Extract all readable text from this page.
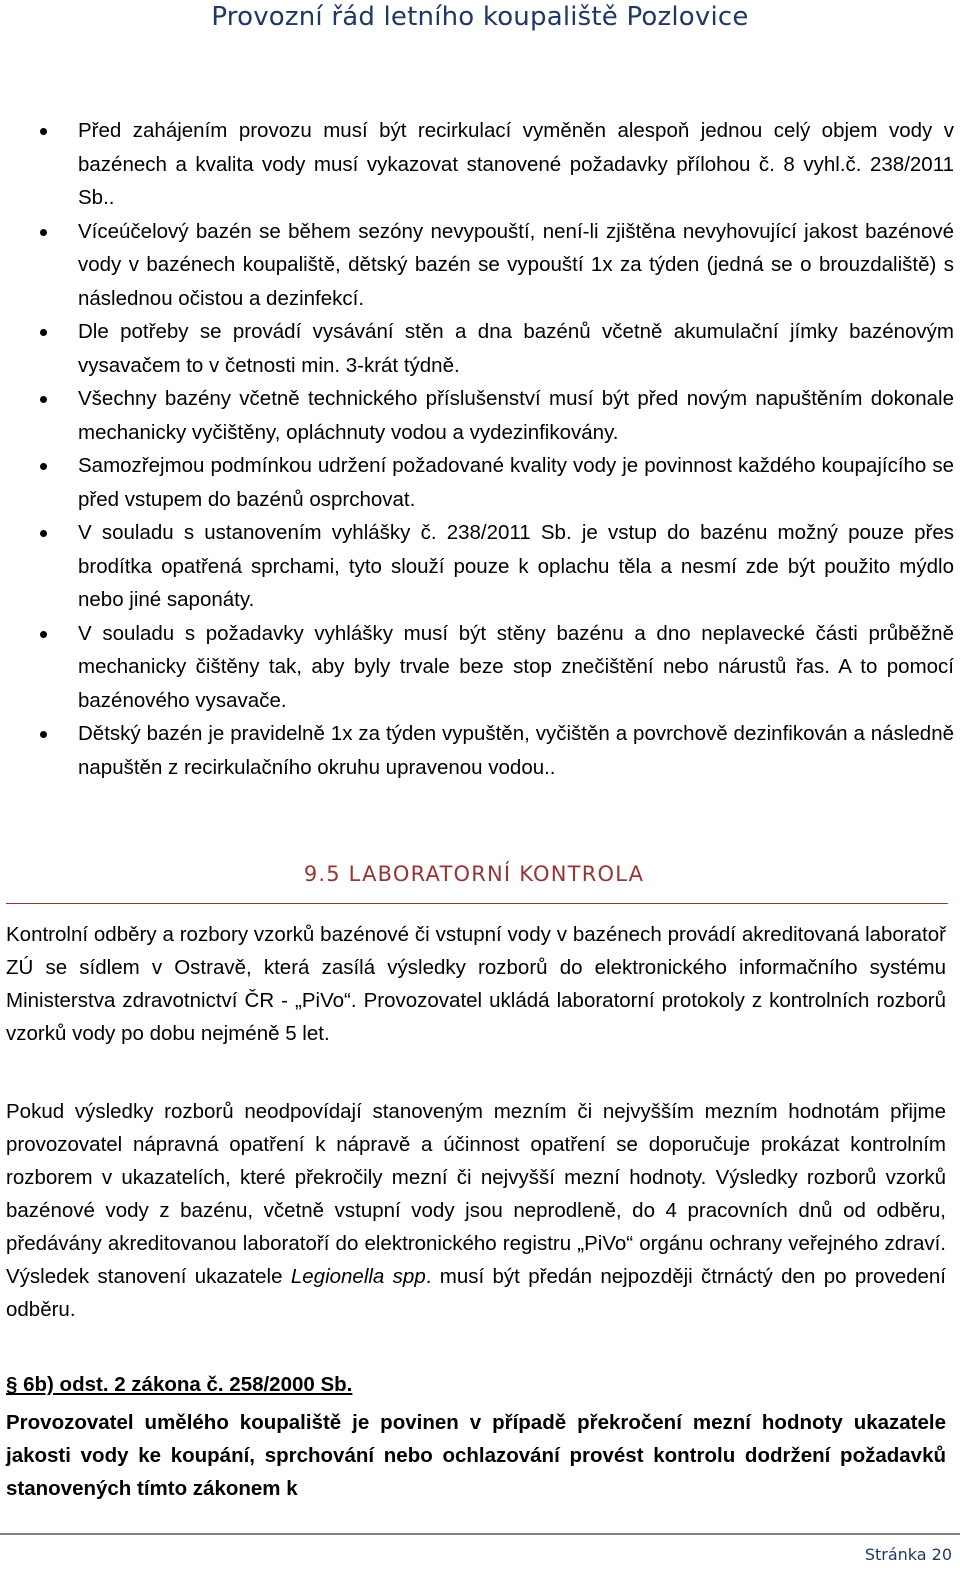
Provozní řád letního koupaliště Pozlovice
Před zahájením provozu musí být recirkulací vyměněn alespoň jednou celý objem vody v bazénech a kvalita vody musí vykazovat stanovené požadavky přílohou č. 8 vyhl.č. 238/2011 Sb..
Víceúčelový bazén se během sezóny nevypouští, není-li zjištěna nevyhovující jakost bazénové vody v bazénech koupaliště, dětský bazén se vypouští 1x za týden (jedná se o brouzdaliště) s následnou očistou a dezinfekcí.
Dle potřeby se provádí vysávání stěn a dna bazénů včetně akumulační jímky bazénovým vysavačem to v četnosti min. 3-krát týdně.
Všechny bazény včetně technického příslušenství musí být před novým napuštěním dokonale mechanicky vyčištěny, opláchnuty vodou a vydezinfikovány.
Samozřejmou podmínkou udržení požadované kvality vody je povinnost každého koupajícího se před vstupem do bazénů osprchovat.
V souladu s ustanovením vyhlášky č. 238/2011 Sb. je vstup do bazénu možný pouze přes brodítka opatřená sprchami, tyto slouží pouze k oplachu těla a nesmí zde být použito mýdlo nebo jiné saponáty.
V souladu s požadavky vyhlášky musí být stěny bazénu a dno neplavecké části průběžně mechanicky čištěny tak, aby byly trvale beze stop znečištění nebo nárustů řas. A to pomocí bazénového vysavače.
Dětský bazén je pravidelně 1x za týden vypuštěn, vyčištěn a povrchově dezinfikován a následně napuštěn z recirkulačního okruhu upravenou vodou..
9.5 LABORATORNÍ KONTROLA

Kontrolní odběry a rozbory vzorků bazénové či vstupní vody v bazénech provádí akreditovaná laboratoř ZÚ se sídlem v Ostravě, která zasílá výsledky rozborů do elektronického informačního systému Ministerstva zdravotnictví ČR - „PiVo“. Provozovatel ukládá laboratorní protokoly z kontrolních rozborů vzorků vody po dobu nejméně 5 let.

Pokud výsledky rozborů neodpovídají stanoveným mezním či nejvyšším mezním hodnotám přijme provozovatel nápravná opatření k nápravě a účinnost opatření se doporučuje prokázat kontrolním rozborem v ukazatelích, které překročily mezní či nejvyšší mezní hodnoty. Výsledky rozborů vzorků bazénové vody z bazénu, včetně vstupní vody jsou neprodleně, do 4 pracovních dnů od odběru, předávány akreditovanou laboratoří do elektronického registru „PiVo“ orgánu ochrany veřejného zdraví. Výsledek stanovení ukazatele Legionella spp. musí být předán nejpozději čtrnáctý den po provedení odběru.

§ 6b) odst. 2 zákona č. 258/2000 Sb.

Provozovatel umělého koupaliště je povinen v případě překročení mezní hodnoty ukazatele jakosti vody ke koupání, sprchování nebo ochlazování provést kontrolu dodržení požadavků stanovených tímto zákonem k

Stránka 20
